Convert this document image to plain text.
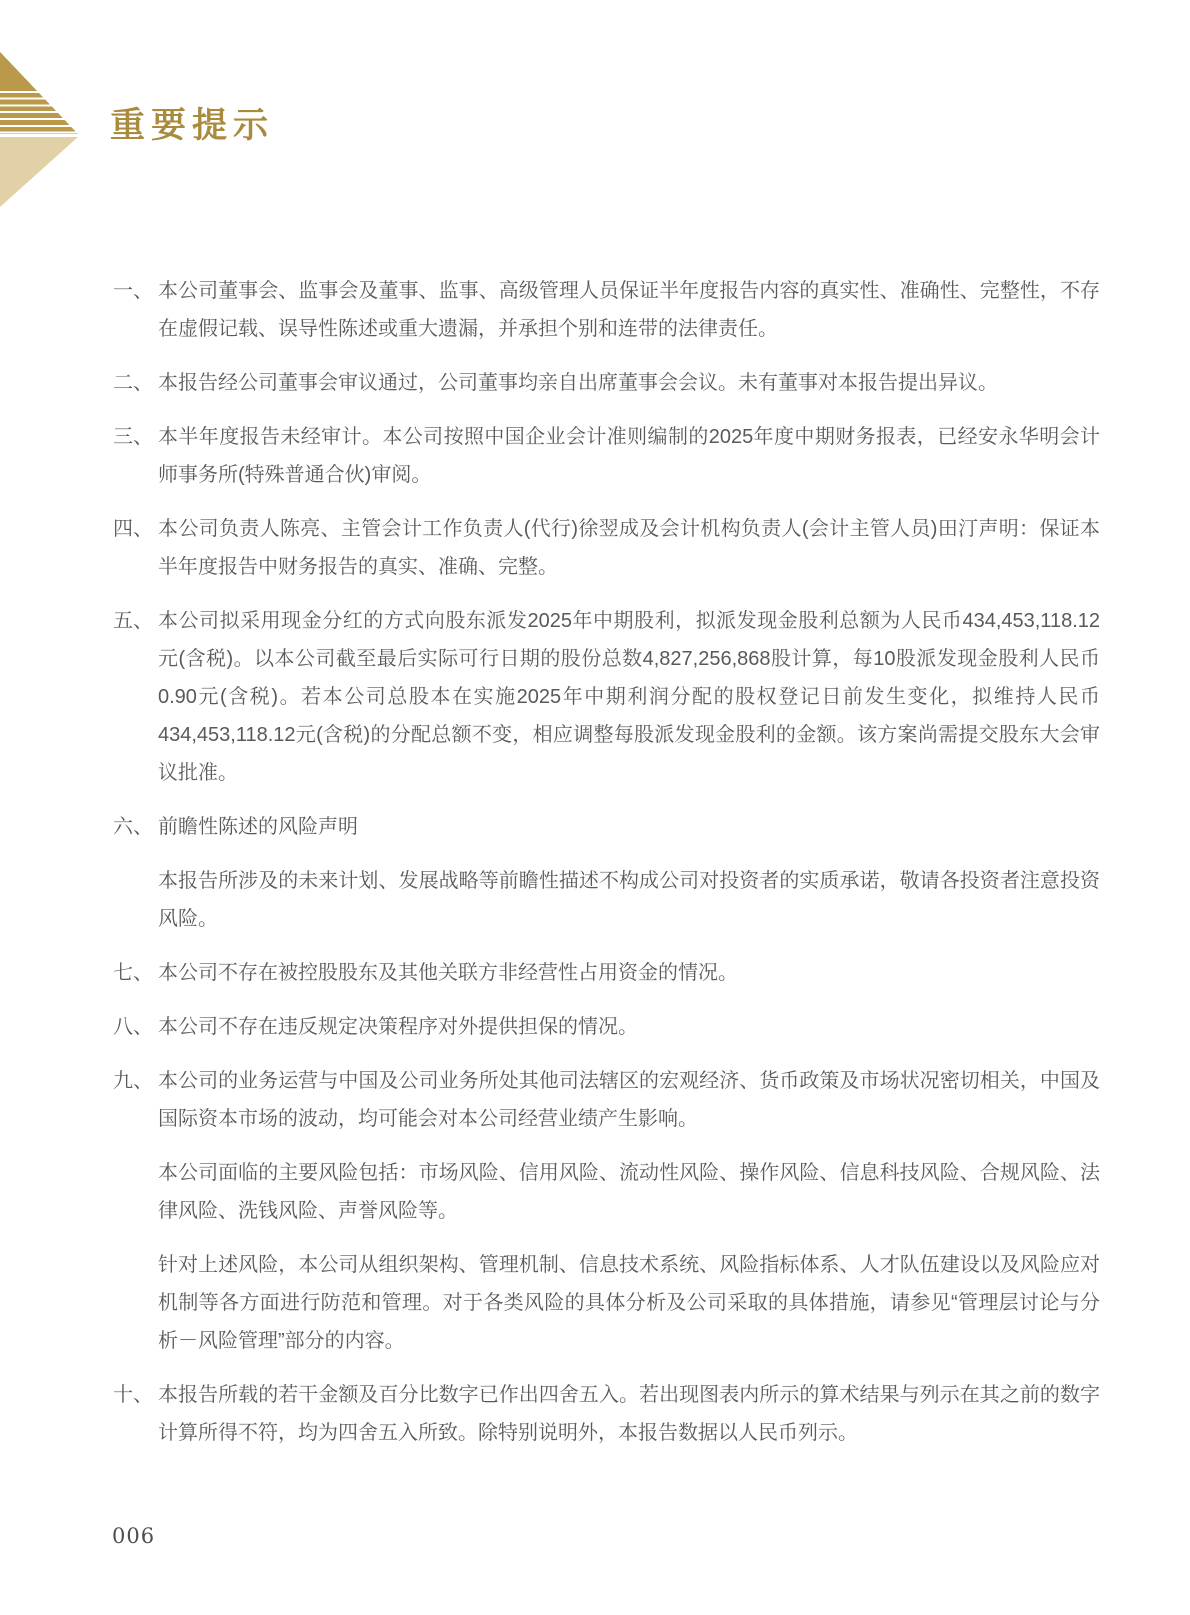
重要提示
一、 本公司董事会、监事会及董事、监事、高级管理人员保证半年度报告内容的真实性、准确性、完整性，不存在虚假记载、误导性陈述或重大遗漏，并承担个别和连带的法律责任。

二、 本报告经公司董事会审议通过，公司董事均亲自出席董事会会议。未有董事对本报告提出异议。

三、 本半年度报告未经审计。本公司按照中国企业会计准则编制的2025年度中期财务报表，已经安永华明会计师事务所(特殊普通合伙)审阅。

四、 本公司负责人陈亮、主管会计工作负责人(代行)徐翌成及会计机构负责人(会计主管人员)田汀声明：保证本半年度报告中财务报告的真实、准确、完整。

五、 本公司拟采用现金分红的方式向股东派发2025年中期股利，拟派发现金股利总额为人民币434,453,118.12元(含税)。以本公司截至最后实际可行日期的股份总数4,827,256,868股计算，每10股派发现金股利人民币0.90元(含税)。若本公司总股本在实施2025年中期利润分配的股权登记日前发生变化，拟维持人民币434,453,118.12元(含税)的分配总额不变，相应调整每股派发现金股利的金额。该方案尚需提交股东大会审议批准。

六、 前瞻性陈述的风险声明

本报告所涉及的未来计划、发展战略等前瞻性描述不构成公司对投资者的实质承诺，敬请各投资者注意投资风险。

七、 本公司不存在被控股股东及其他关联方非经营性占用资金的情况。

八、 本公司不存在违反规定决策程序对外提供担保的情况。

九、 本公司的业务运营与中国及公司业务所处其他司法辖区的宏观经济、货币政策及市场状况密切相关，中国及国际资本市场的波动，均可能会对本公司经营业绩产生影响。

本公司面临的主要风险包括：市场风险、信用风险、流动性风险、操作风险、信息科技风险、合规风险、法律风险、洗钱风险、声誉风险等。

针对上述风险，本公司从组织架构、管理机制、信息技术系统、风险指标体系、人才队伍建设以及风险应对机制等各方面进行防范和管理。对于各类风险的具体分析及公司采取的具体措施，请参见“管理层讨论与分析－风险管理”部分的内容。

十、 本报告所载的若干金额及百分比数字已作出四舍五入。若出现图表内所示的算术结果与列示在其之前的数字计算所得不符，均为四舍五入所致。除特别说明外，本报告数据以人民币列示。

006
